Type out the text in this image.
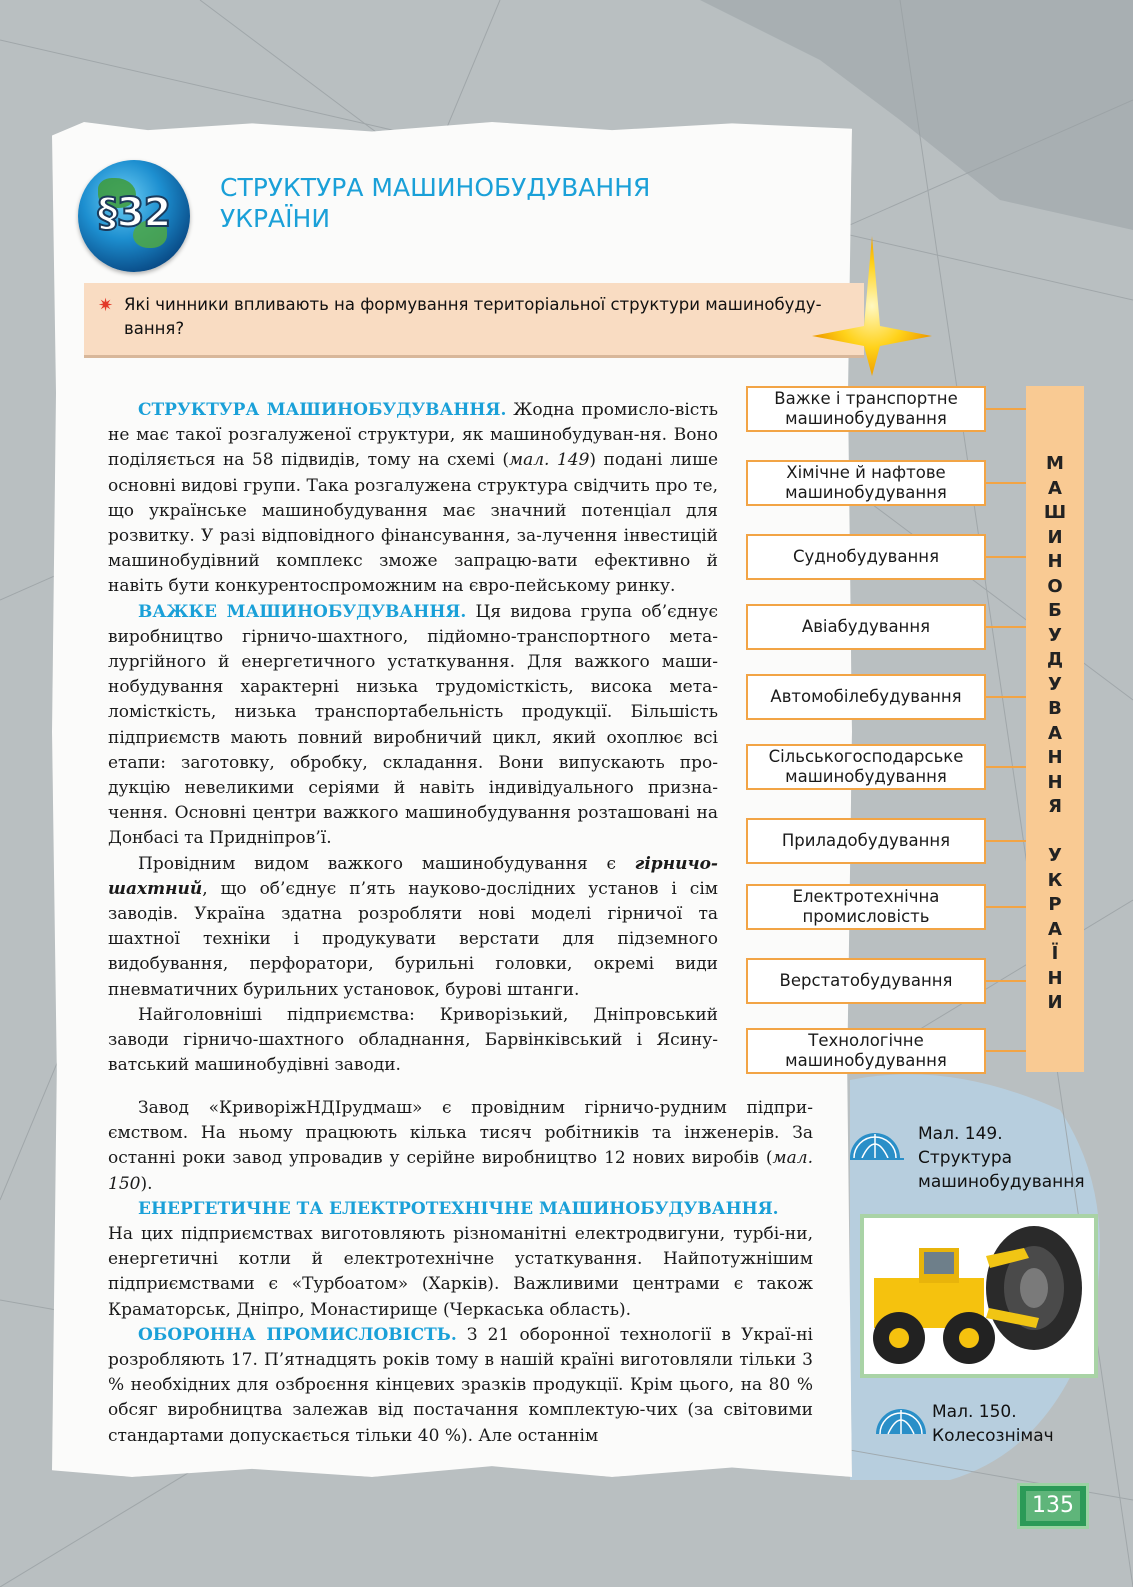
§32
СТРУКТУРА МАШИНОБУДУВАННЯ
УКРАЇНИ
✷ Які чинники впливають на формування територіальної структури машинобуду-вання?

СТРУКТУРА МАШИНОБУДУВАННЯ. Жодна промисло-вість не має такої розгалуженої структури, як машинобудуван-ня. Воно поділяється на 58 підвидів, тому на схемі (мал. 149) подані лише основні видові групи. Така розгалужена структура свідчить про те, що українське машинобудування має значний потенціал для розвитку. У разі відповідного фінансування, за-лучення інвестицій машинобудівний комплекс зможе запрацю-вати ефективно й навіть бути конкурентоспроможним на євро-пейському ринку.

ВАЖКЕ МАШИНОБУДУВАННЯ. Ця видова група об’єднує виробництво гірничо-шахтного, підйомно-транспортного мета-лургійного й енергетичного устаткування. Для важкого маши-нобудування характерні низька трудомісткість, висока мета-ломісткість, низька транспортабельність продукції. Більшість підприємств мають повний виробничий цикл, який охоплює всі етапи: заготовку, обробку, складання. Вони випускають про-дукцію невеликими серіями й навіть індивідуального призна-чення. Основні центри важкого машинобудування розташовані на Донбасі та Придніпров’ї.

Провідним видом важкого машинобудування є гірничо-шахтний, що об’єднує п’ять науково-дослідних установ і сім заводів. Україна здатна розробляти нові моделі гірничої та шахтної техніки і продукувати верстати для підземного видобування, перфоратори, бурильні головки, окремі види пневматичних бурильних установок, бурові штанги.

Найголовніші підприємства: Криворізький, Дніпровський заводи гірничо-шахтного обладнання, Барвінківський і Ясину-ватський машинобудівні заводи.

Завод «КриворіжНДІрудмаш» є провідним гірничо-рудним підпри-ємством. На ньому працюють кілька тисяч робітників та інженерів. За останні роки завод упровадив у серійне виробництво 12 нових виробів (мал. 150).

ЕНЕРГЕТИЧНЕ ТА ЕЛЕКТРОТЕХНІЧНЕ МАШИНОБУДУВАННЯ.

На цих підприємствах виготовляють різноманітні електродвигуни, турбі-ни, енергетичні котли й електротехнічне устаткування. Найпотужнішим підприємствами є «Турбоатом» (Харків). Важливими центрами є також Краматорськ, Дніпро, Монастирище (Черкаська область).

ОБОРОННА ПРОМИСЛОВІСТЬ. З 21 оборонної технології в Украї-ні розробляють 17. П’ятнадцять років тому в нашій країні виготовляли тільки 3 % необхідних для озброєння кінцевих зразків продукції. Крім цього, на 80 % обсяг виробництва залежав від постачання комплектую-чих (за світовими стандартами допускається тільки 40 %). Але останнім

М
А
Ш
И
Н
О
Б
У
Д
У
В
А
Н
Н
Я

У
К
Р
А
Ї
Н
И
Важке і транспортне машинобудування
Хімічне й нафтове машинобудування
Суднобудування
Авіабудування
Автомобілебудування
Сільськогосподарське машинобудування
Приладобудування
Електротехнічна промисловість
Верстатобудування
Технологічне машинобудування
Мал. 149.
Структура
машинобудування
Мал. 150.
Колесознімач
135
